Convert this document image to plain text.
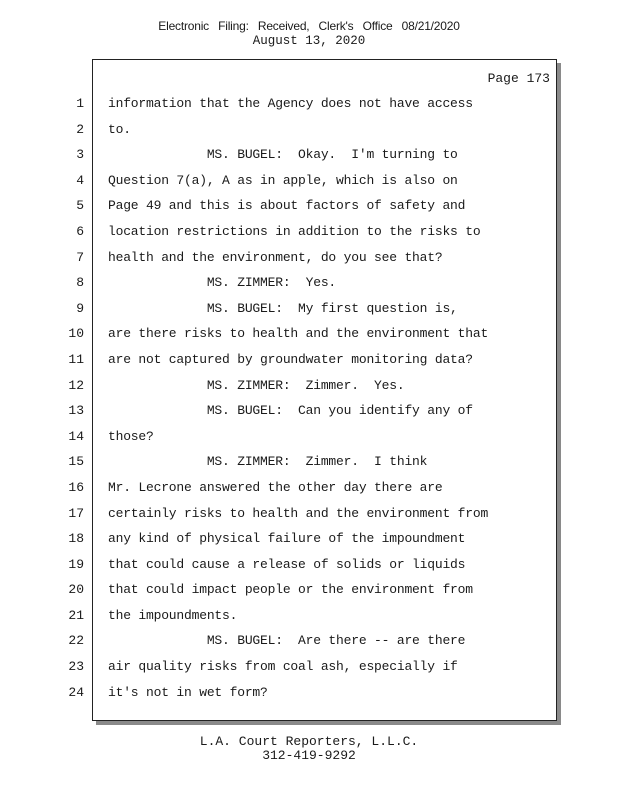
Electronic Filing: Received, Clerk's Office 08/21/2020
August 13, 2020
Page 173
1
2
3
4
5
6
7
8
9
10
11
12
13
14
15
16
17
18
19
20
21
22
23
24
information that the Agency does not have access
to.
MS. BUGEL:  Okay.  I'm turning to
Question 7(a), A as in apple, which is also on
Page 49 and this is about factors of safety and
location restrictions in addition to the risks to
health and the environment, do you see that?
MS. ZIMMER:  Yes.
MS. BUGEL:  My first question is,
are there risks to health and the environment that
are not captured by groundwater monitoring data?
MS. ZIMMER:  Zimmer.  Yes.
MS. BUGEL:  Can you identify any of
those?
MS. ZIMMER:  Zimmer.  I think
Mr. Lecrone answered the other day there are
certainly risks to health and the environment from
any kind of physical failure of the impoundment
that could cause a release of solids or liquids
that could impact people or the environment from
the impoundments.
MS. BUGEL:  Are there -- are there
air quality risks from coal ash, especially if
it's not in wet form?
L.A. Court Reporters, L.L.C.
312-419-9292
